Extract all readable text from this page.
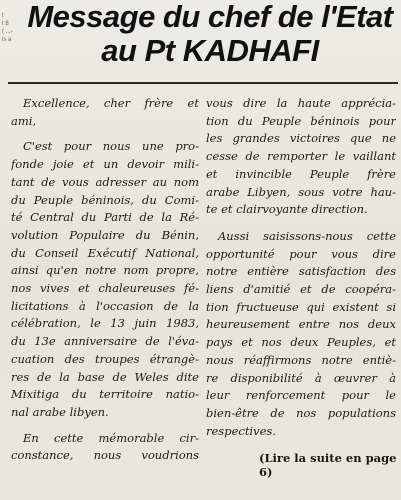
t
t 8
( ...-
is a
Message du chef de l'Etat
au Pt KADHAFI
Excellence, cher frère et
ami,
C'est pour nous une pro-
fonde joie et un devoir mili-
tant de vous adresser au nom
du Peuple béninois, du Comi-
té Central du Parti de la Ré-
volution Populaire du Bénin,
du Conseil Exécutif National,
ainsi qu'en notre nom propre,
nos vives et chaleureuses fé-
licitations à l'occasion de la
célébration, le 13 juin 1983,
du 13e anniversaire de l'éva-
cuation des troupes étrangè-
res de la base de Weles dite
Mixitiga du territoire natio-
nal arabe libyen.
En cette mémorable cir-
constance, nous voudrions
vous dire la haute apprécia-
tion du Peuple béninois pour
les grandes victoires que ne
cesse de remporter le vaillant
et invincible Peuple frère
arabe Libyen, sous votre hau-
te et clairvoyante direction.
Aussi saisissons-nous cette
opportunité pour vous dire
notre entière satisfaction des
liens d'amitié et de coopéra-
tion fructueuse qui existent si
heureusement entre nos deux
pays et nos deux Peuples, et
nous réaffirmons notre entiè-
re disponibilité à œuvrer à
leur renforcement pour le
bien-être de nos populations
respectives.
(Lire la suite en page 6)
